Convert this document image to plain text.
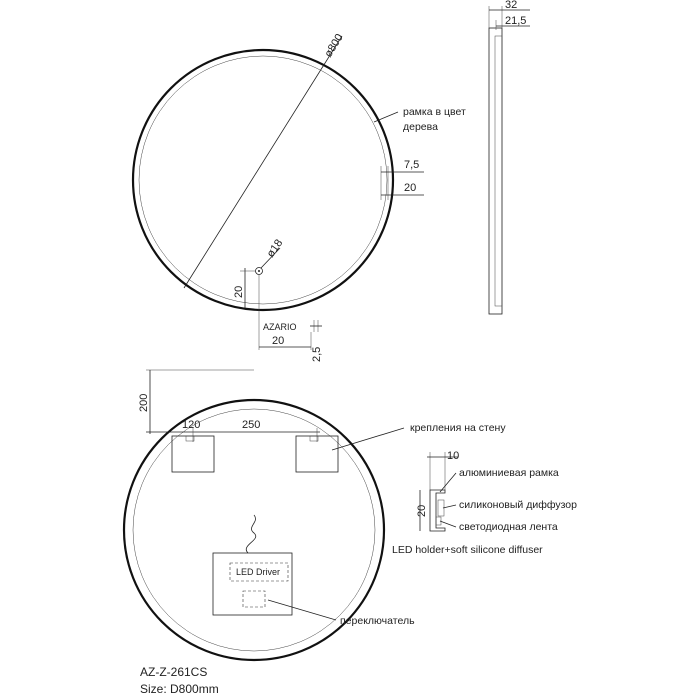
ø800
рамка в цвет
дерева
7,5
20
ø18
20
AZARIO
20
2,5
32
21,5
200
120	250	крепления на стену
LED Driver
переключатель
10
20
алюминиевая рамка
силиконовый диффузор
светодиодная лента
LED holder+soft silicone diffuser
AZ-Z-261CS
Size: D800mm
